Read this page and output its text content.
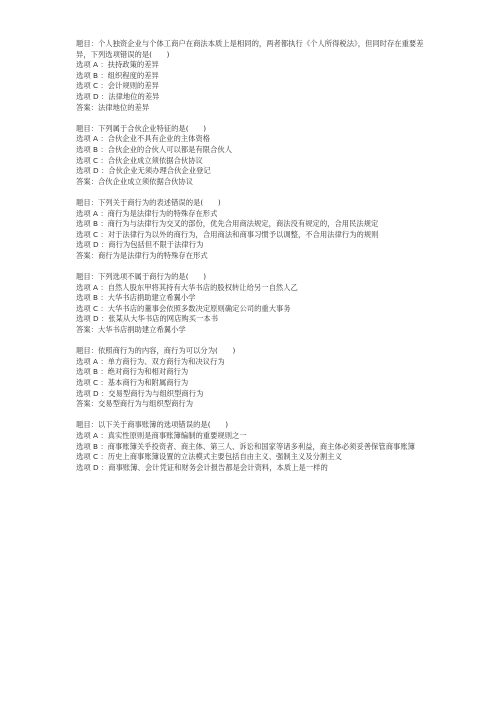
题目：个人独资企业与个体工商户在商法本质上是相同的，两者都执行《个人所得税法》，但同时存在重要差异，下列选项错误的是(　　)
选项 A ：扶持政策的差异
选项 B ：组织程度的差异
选项 C ：会计规则的差异
选项 D ：法律地位的差异
答案：法律地位的差异
题目：下列属于合伙企业特征的是(　　)
选项 A ：合伙企业不具有企业的主体资格
选项 B ：合伙企业的合伙人可以都是有限合伙人
选项 C ：合伙企业成立须依据合伙协议
选项 D ：合伙企业无须办理合伙企业登记
答案：合伙企业成立须依据合伙协议
题目：下列关于商行为的表述错误的是(　　)
选项 A ：商行为是法律行为的特殊存在形式
选项 B ：商行为与法律行为交叉的部份，优先合用商法规定，商法没有规定的，合用民法规定
选项 C ：对于法律行为以外的商行为，合用商法和商事习惯予以调整，不合用法律行为的规则
选项 D ：商行为包括但不限于法律行为
答案：商行为是法律行为的特殊存在形式
题目：下列选项不属于商行为的是(　　)
选项 A ：自然人股东甲将其持有大华书店的股权转让给另一自然人乙
选项 B ：大华书店捐助建立希翼小学
选项 C ：大华书店的董事会依照多数决定原则确定公司的重大事务
选项 D ：张某从大华书店的网店购买一本书
答案：大华书店捐助建立希翼小学
题目：依照商行为的内容，商行为可以分为(　　)
选项 A ：单方商行为、双方商行为和决议行为
选项 B ：绝对商行为和相对商行为
选项 C ：基本商行为和附属商行为
选项 D ：交易型商行为与组织型商行为
答案：交易型商行为与组织型商行为
题目：以下关于商事账簿的选项错误的是(　　)
选项 A ：真实性原则是商事账簿编制的重要规则之一
选项 B ：商事账簿关乎投资者、商主体、第三人、诉讼和国家等诸多利益，商主体必须妥善保管商事账簿
选项 C ：历史上商事账簿设置的立法模式主要包括自由主义、强制主义及分割主义
选项 D ：商事账簿、会计凭证和财务会计报告都是会计资料，本质上是一样的
